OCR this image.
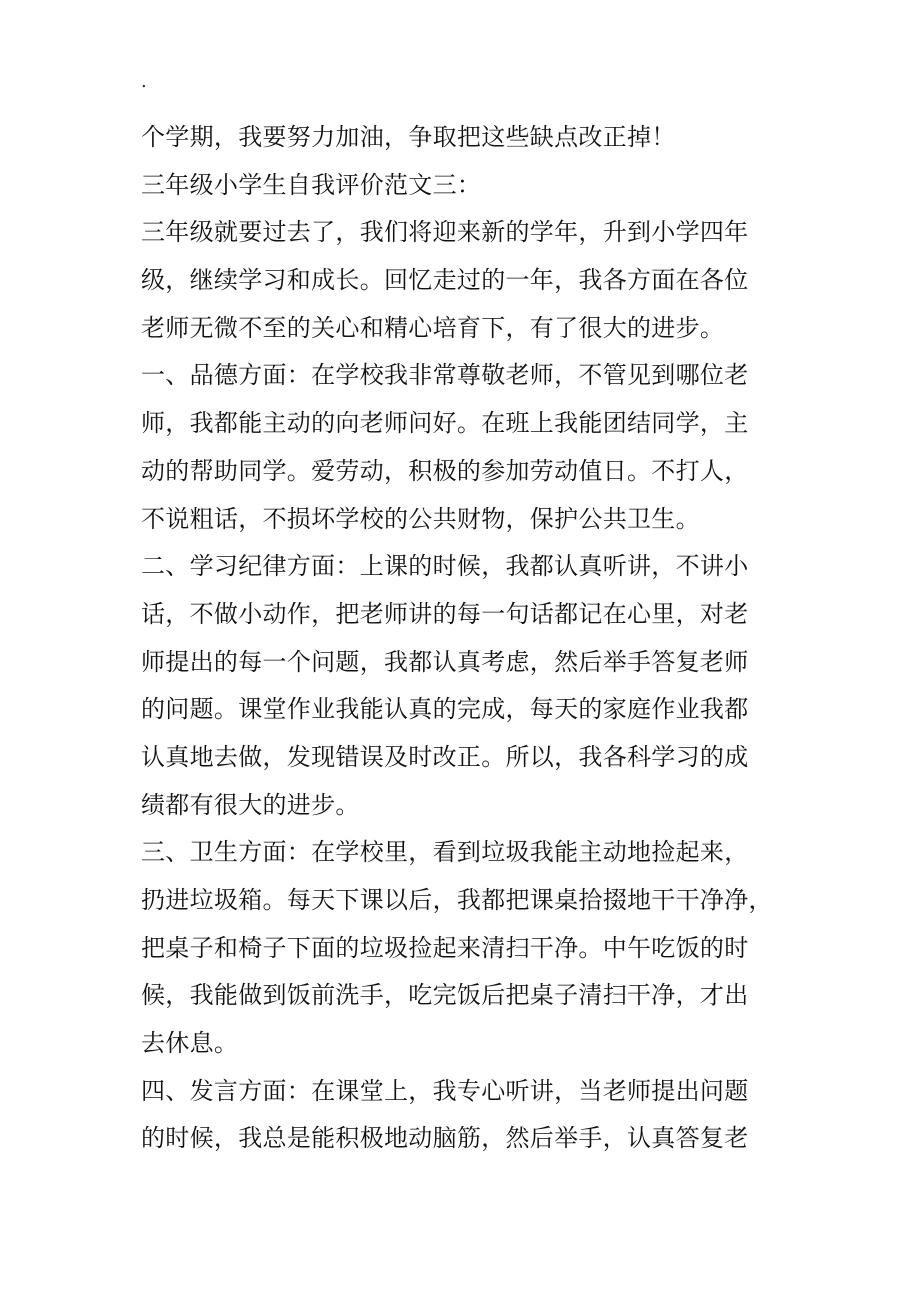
.
个学期，我要努力加油，争取把这些缺点改正掉！
三年级小学生自我评价范文三：
三年级就要过去了，我们将迎来新的学年，升到小学四年
级，继续学习和成长。回忆走过的一年，我各方面在各位
老师无微不至的关心和精心培育下，有了很大的进步。
一、品德方面：在学校我非常尊敬老师，不管见到哪位老
师，我都能主动的向老师问好。在班上我能团结同学，主
动的帮助同学。爱劳动，积极的参加劳动值日。不打人，
不说粗话，不损坏学校的公共财物，保护公共卫生。
二、学习纪律方面：上课的时候，我都认真听讲，不讲小
话，不做小动作，把老师讲的每一句话都记在心里，对老
师提出的每一个问题，我都认真考虑，然后举手答复老师
的问题。课堂作业我能认真的完成，每天的家庭作业我都
认真地去做，发现错误及时改正。所以，我各科学习的成
绩都有很大的进步。
三、卫生方面：在学校里，看到垃圾我能主动地捡起来，
扔进垃圾箱。每天下课以后，我都把课桌拾掇地干干净净，
把桌子和椅子下面的垃圾捡起来清扫干净。中午吃饭的时
候，我能做到饭前洗手，吃完饭后把桌子清扫干净，才出
去休息。
四、发言方面：在课堂上，我专心听讲，当老师提出问题
的时候，我总是能积极地动脑筋，然后举手，认真答复老
